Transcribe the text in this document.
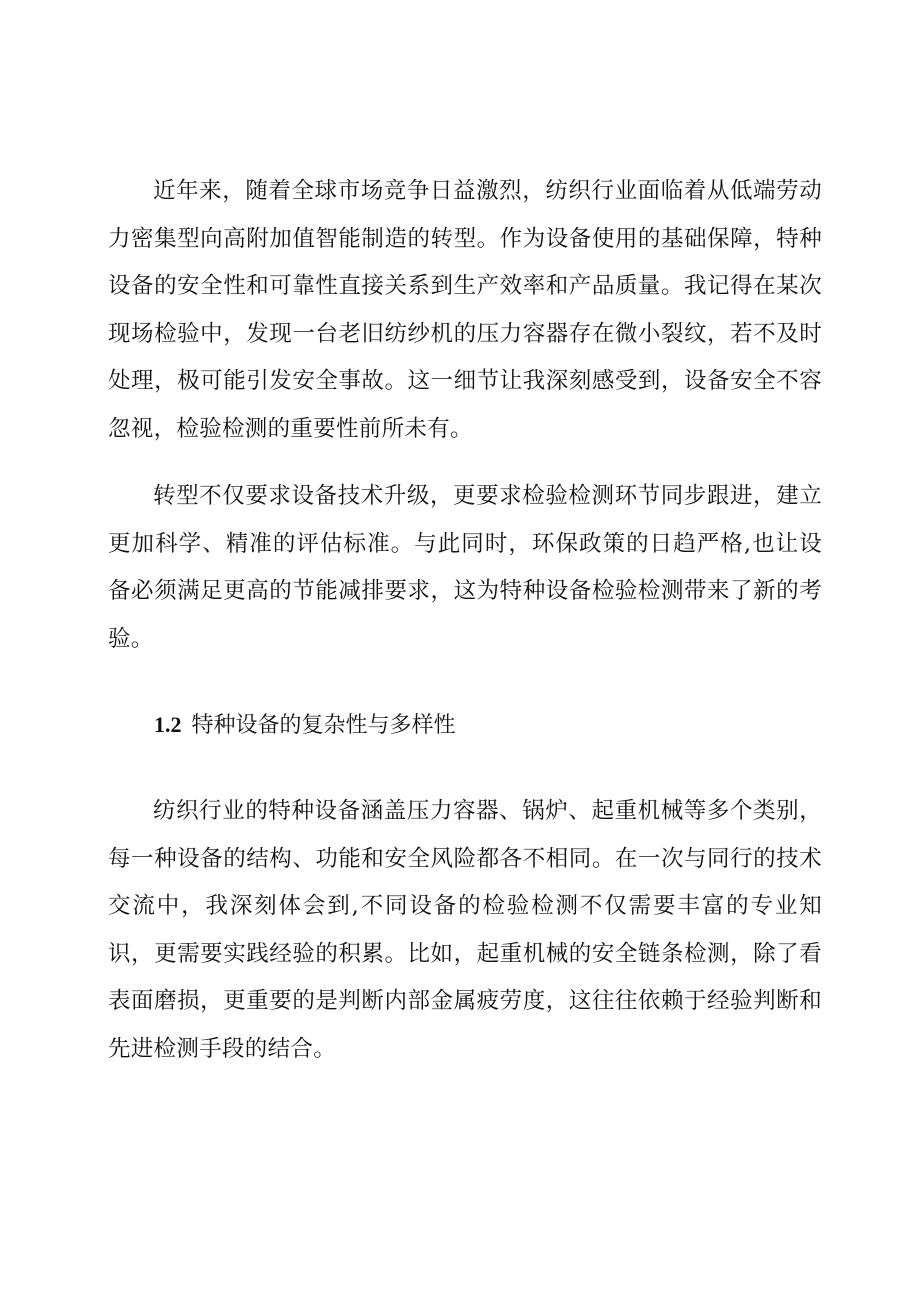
近年来，随着全球市场竞争日益激烈，纺织行业面临着从低端劳动力密集型向高附加值智能制造的转型。作为设备使用的基础保障，特种设备的安全性和可靠性直接关系到生产效率和产品质量。我记得在某次现场检验中，发现一台老旧纺纱机的压力容器存在微小裂纹，若不及时处理，极可能引发安全事故。这一细节让我深刻感受到，设备安全不容忽视，检验检测的重要性前所未有。

转型不仅要求设备技术升级，更要求检验检测环节同步跟进，建立更加科学、精准的评估标准。与此同时，环保政策的日趋严格,也让设备必须满足更高的节能减排要求，这为特种设备检验检测带来了新的考验。

1.2 特种设备的复杂性与多样性

纺织行业的特种设备涵盖压力容器、锅炉、起重机械等多个类别，每一种设备的结构、功能和安全风险都各不相同。在一次与同行的技术交流中，我深刻体会到,不同设备的检验检测不仅需要丰富的专业知识，更需要实践经验的积累。比如，起重机械的安全链条检测，除了看表面磨损，更重要的是判断内部金属疲劳度，这往往依赖于经验判断和先进检测手段的结合。
